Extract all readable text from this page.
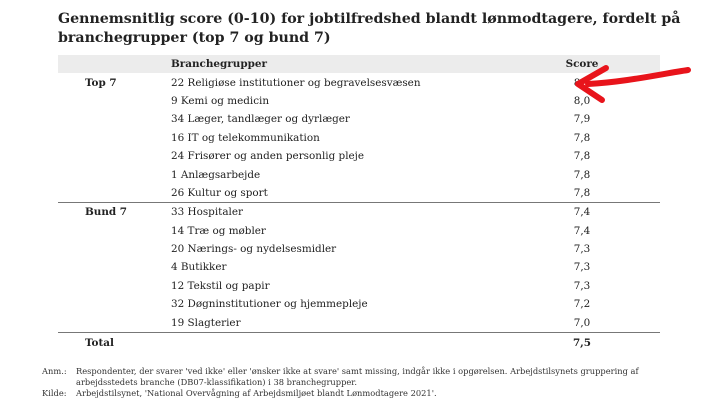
Gennemsnitlig score (0-10) for jobtilfredshed blandt lønmodtagere, fordelt på branchegrupper (top 7 og bund 7)
	Branchegrupper	Score
Top 7	22 Religiøse institutioner og begravelsesvæsen	8,1
	9 Kemi og medicin	8,0
	34 Læger, tandlæger og dyrlæger	7,9
	16 IT og telekommunikation	7,8
	24 Frisører og anden personlig pleje	7,8
	1 Anlægsarbejde	7,8
	26 Kultur og sport	7,8
Bund 7	33 Hospitaler	7,4
	14 Træ og møbler	7,4
	20 Nærings- og nydelsesmidler	7,3
	4 Butikker	7,3
	12 Tekstil og papir	7,3
	32 Døgninstitutioner og hjemmepleje	7,2
	19 Slagterier	7,0
Total		7,5
Anm.:	Respondenter, der svarer 'ved ikke' eller 'ønsker ikke at svare' samt missing, indgår ikke i opgørelsen. Arbejdstilsynets gruppering af arbejdsstedets branche (DB07-klassifikation) i 38 branchegrupper.
Kilde:	Arbejdstilsynet, 'National Overvågning af Arbejdsmiljøet blandt Lønmodtagere 2021'.
